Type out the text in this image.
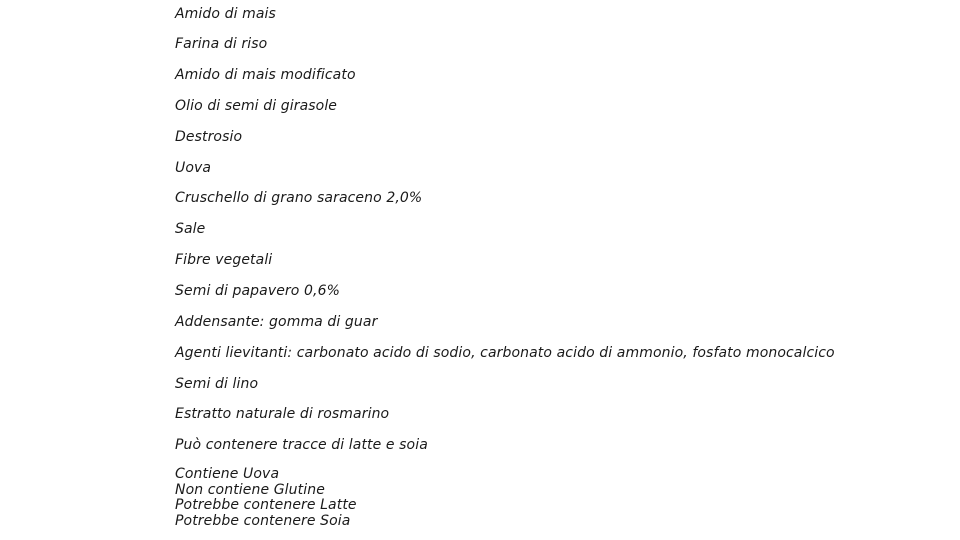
Amido di mais
Farina di riso
Amido di mais modificato
Olio di semi di girasole
Destrosio
Uova
Cruschello di grano saraceno 2,0%
Sale
Fibre vegetali
Semi di papavero 0,6%
Addensante: gomma di guar
Agenti lievitanti: carbonato acido di sodio, carbonato acido di ammonio, fosfato monocalcico
Semi di lino
Estratto naturale di rosmarino
Può contenere tracce di latte e soia
Contiene Uova
Non contiene Glutine
Potrebbe contenere Latte
Potrebbe contenere Soia
